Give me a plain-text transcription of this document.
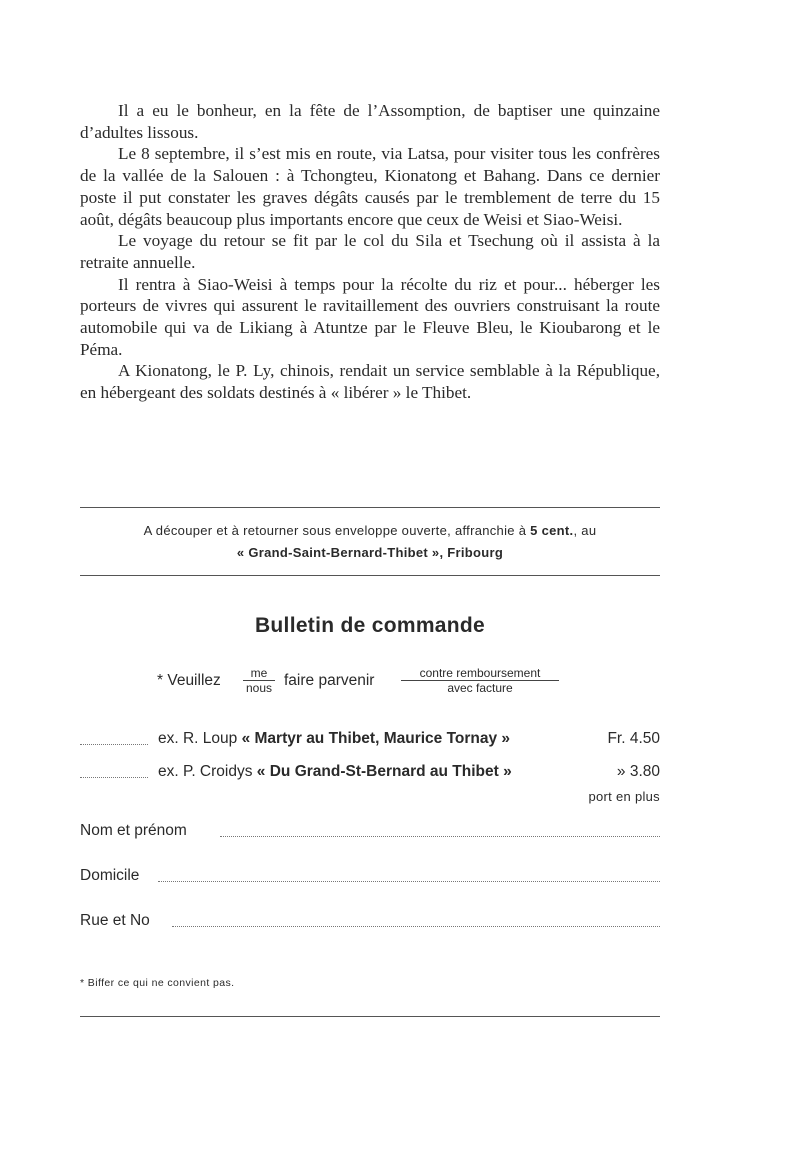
Il a eu le bonheur, en la fête de l’Assomption, de baptiser une quinzaine d’adultes lissous.

Le 8 septembre, il s’est mis en route, via Latsa, pour visiter tous les confrères de la vallée de la Salouen : à Tchongteu, Kionatong et Bahang. Dans ce dernier poste il put constater les graves dégâts causés par le tremblement de terre du 15 août, dégâts beaucoup plus importants encore que ceux de Weisi et Siao-Weisi.

Le voyage du retour se fit par le col du Sila et Tsechung où il assista à la retraite annuelle.

Il rentra à Siao-Weisi à temps pour la récolte du riz et pour... héberger les porteurs de vivres qui assurent le ravitaillement des ouvriers construisant la route automobile qui va de Likiang à Atuntze par le Fleuve Bleu, le Kioubarong et le Péma.

A Kionatong, le P. Ly, chinois, rendait un service semblable à la République, en hébergeant des soldats destinés à « libérer » le Thibet.

A découper et à retourner sous enveloppe ouverte, affranchie à 5 cent., au
« Grand-Saint-Bernard-Thibet », Fribourg
Bulletin de commande
* Veuillez	me
nous faire parvenir	contre remboursement
avec facture
ex. R. Loup « Martyr au Thibet, Maurice Tornay »	Fr. 4.50
ex. P. Croidys « Du Grand-St-Bernard au Thibet »	» 3.80
port en plus
Nom et prénom
Domicile
Rue et No
* Biffer ce qui ne convient pas.
